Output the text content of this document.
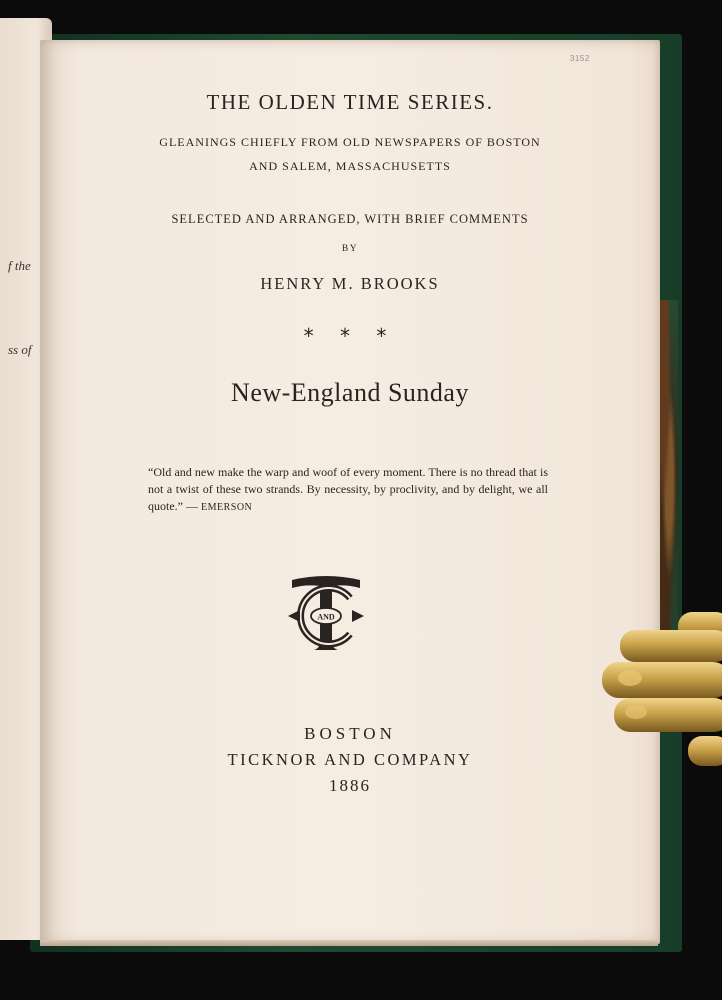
f the
ss of
3152
THE OLDEN TIME SERIES.
GLEANINGS CHIEFLY FROM OLD NEWSPAPERS OF BOSTON
AND SALEM, MASSACHUSETTS
SELECTED AND ARRANGED, WITH BRIEF COMMENTS
BY
HENRY M. BROOKS
* * *
New-England Sunday
“Old and new make the warp and woof of every moment. There is no thread that is not a twist of these two strands. By necessity, by proclivity, and by delight, we all quote.” — EMERSON
AND
BOSTON
TICKNOR AND COMPANY
1886
